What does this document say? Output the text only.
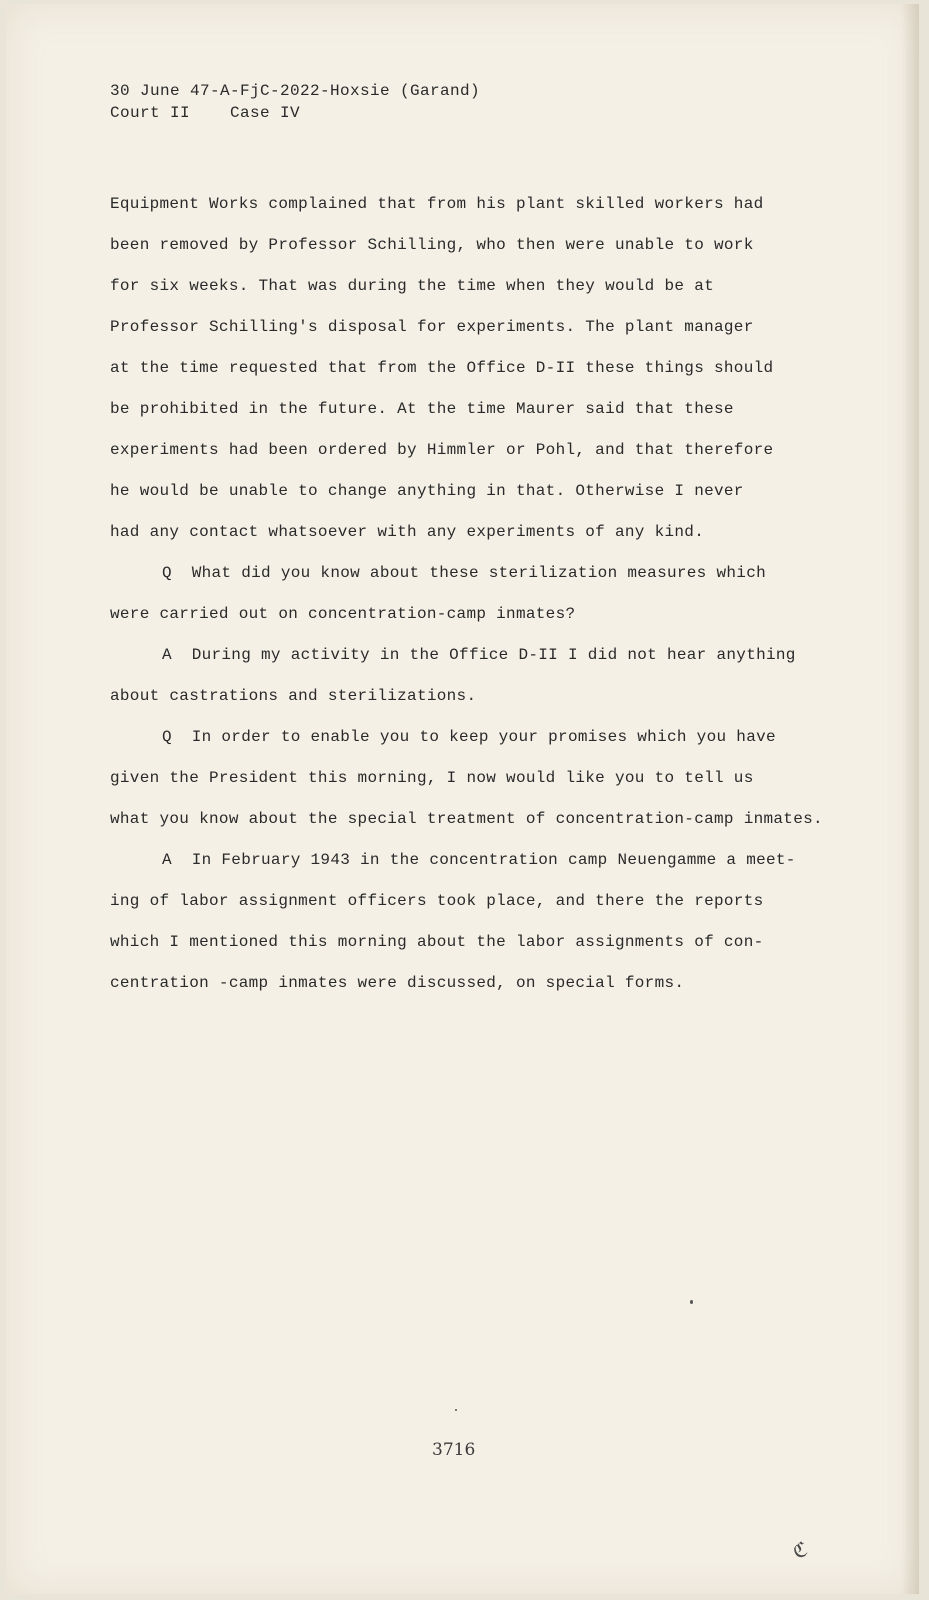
30 June 47-A-FjC-2022-Hoxsie (Garand)
Court II Case IV
Equipment Works complained that from his plant skilled workers had
been removed by Professor Schilling, who then were unable to work
for six weeks. That was during the time when they would be at
Professor Schilling's disposal for experiments. The plant manager
at the time requested that from the Office D-II these things should
be prohibited in the future. At the time Maurer said that these
experiments had been ordered by Himmler or Pohl, and that therefore
he would be unable to change anything in that. Otherwise I never
had any contact whatsoever with any experiments of any kind.
Q  What did you know about these sterilization measures which
were carried out on concentration-camp inmates?
A  During my activity in the Office D-II I did not hear anything
about castrations and sterilizations.
Q  In order to enable you to keep your promises which you have
given the President this morning, I now would like you to tell us
what you know about the special treatment of concentration-camp inmates.
A  In February 1943 in the concentration camp Neuengamme a meet-
ing of labor assignment officers took place, and there the reports
which I mentioned this morning about the labor assignments of con-
centration -camp inmates were discussed, on special forms.
3716
ℭ
